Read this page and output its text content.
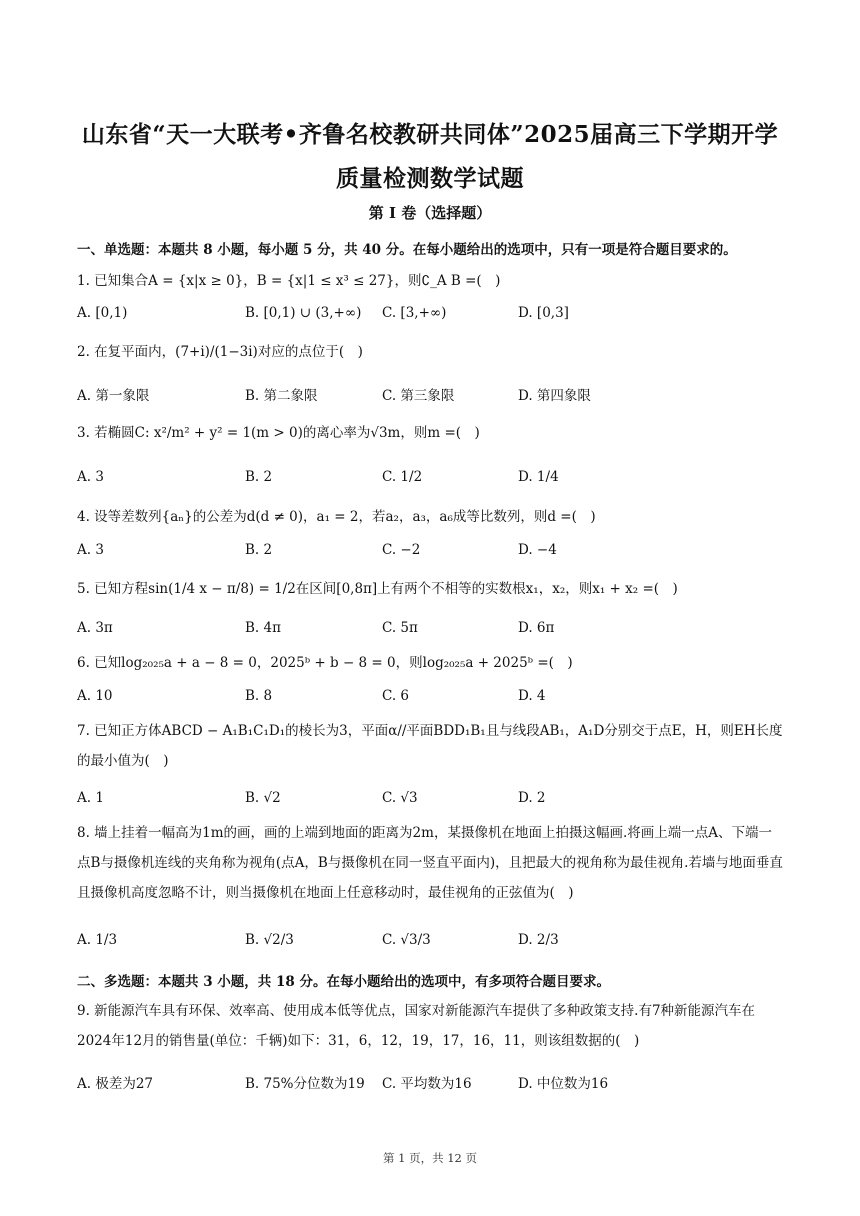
山东省“天一大联考•齐鲁名校教研共同体”2025届高三下学期开学
质量检测数学试题
第 I 卷（选择题）
一、单选题：本题共 8 小题，每小题 5 分，共 40 分。在每小题给出的选项中，只有一项是符合题目要求的。
1. 已知集合A = {x|x ≥ 0}，B = {x|1 ≤ x³ ≤ 27}，则∁_A B =(　)
A. [0,1)	B. [0,1) ∪ (3,+∞) C. [3,+∞)	D. [0,3]
2. 在复平面内，(7+i)/(1−3i)对应的点位于(　)
A. 第一象限	B. 第二象限	C. 第三象限	D. 第四象限
3. 若椭圆C: x²/m² + y² = 1(m > 0)的离心率为√3m，则m =(　)
A. 3	B. 2	C. 1/2	D. 1/4
4. 设等差数列{aₙ}的公差为d(d ≠ 0)，a₁ = 2，若a₂，a₃，a₆成等比数列，则d =(　)
A. 3	B. 2	C. −2	D. −4
5. 已知方程sin(1/4 x − π/8) = 1/2在区间[0,8π]上有两个不相等的实数根x₁，x₂，则x₁ + x₂ =(　)
A. 3π	B. 4π	C. 5π	D. 6π
6. 已知log₂₀₂₅a + a − 8 = 0，2025ᵇ + b − 8 = 0，则log₂₀₂₅a + 2025ᵇ =(　)
A. 10	B. 8	C. 6	D. 4
7. 已知正方体ABCD − A₁B₁C₁D₁的棱长为3，平面α//平面BDD₁B₁且与线段AB₁，A₁D分别交于点E，H，则EH长度的最小值为(　)
A. 1	B. √2	C. √3	D. 2
8. 墙上挂着一幅高为1m的画，画的上端到地面的距离为2m，某摄像机在地面上拍摄这幅画.将画上端一点A、下端一点B与摄像机连线的夹角称为视角(点A，B与摄像机在同一竖直平面内)，且把最大的视角称为最佳视角.若墙与地面垂直且摄像机高度忽略不计，则当摄像机在地面上任意移动时，最佳视角的正弦值为(　)
A. 1/3	B. √2/3	C. √3/3	D. 2/3
二、多选题：本题共 3 小题，共 18 分。在每小题给出的选项中，有多项符合题目要求。
9. 新能源汽车具有环保、效率高、使用成本低等优点，国家对新能源汽车提供了多种政策支持.有7种新能源汽车在2024年12月的销售量(单位：千辆)如下：31，6，12，19，17，16，11，则该组数据的(　)
A. 极差为27	B. 75%分位数为19 C. 平均数为16	D. 中位数为16
第 1 页，共 12 页
